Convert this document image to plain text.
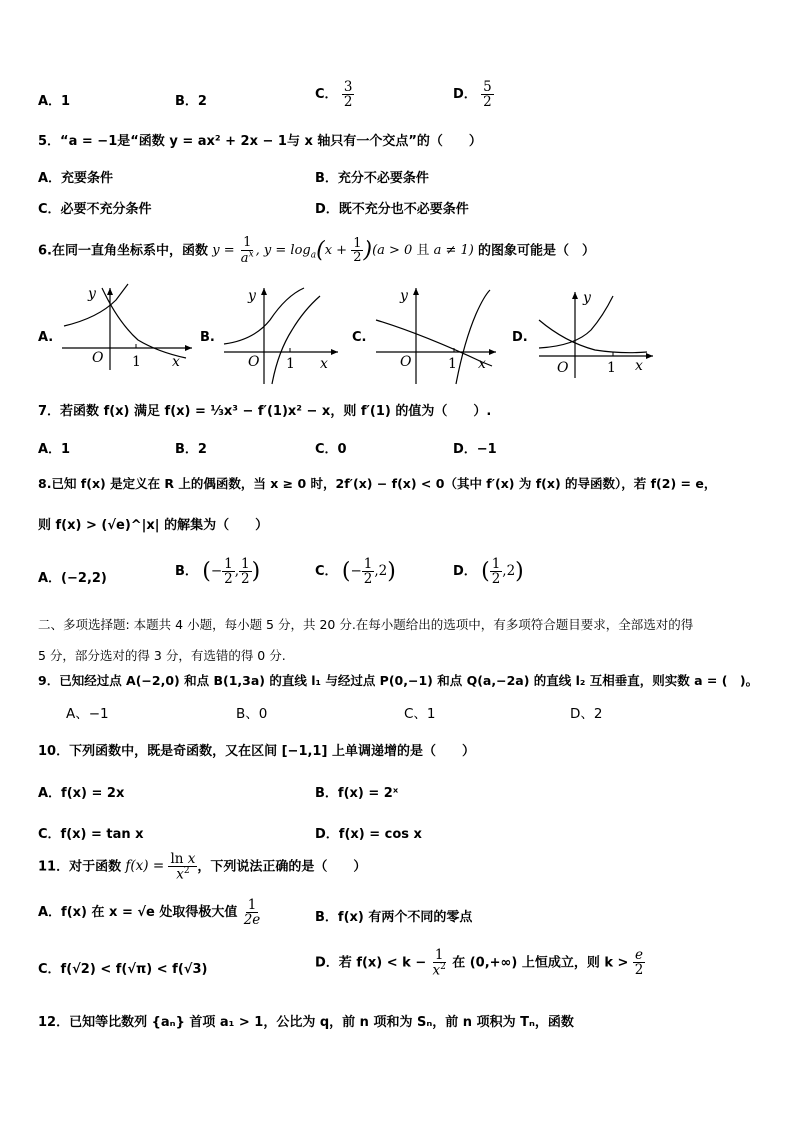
A．1	B．2	C． $\frac{3}{2}$	D． $\frac{5}{2}$
5．“a = −1是“函数 y = ax² + 2x − 1与 x 轴只有一个交点”的（　　）
A．充要条件	B．充分不必要条件
C．必要不充分条件	D．既不充分也不必要条件
6.在同一直角坐标系中，函数 $y = \frac{1}{a^x}$ , $y = \log_a(x + \frac{1}{2} )(a > 0$ 且 a ≠ 1) 的图象可能是（　）
A.
y
O 1 x
B.
y
O 1 x
C.
y
O	1 x
D.
y
O	1 x
7．若函数 f(x) 满足 f(x) = ⅓x³ − f′(1)x² − x，则 f′(1) 的值为（　　）.
A．1	B．2	C．0	D．−1
8.已知 f(x) 是定义在 R 上的偶函数，当 x ≥ 0 时，2f′(x) − f(x) < 0（其中 f′(x) 为 f(x) 的导函数），若 f(2) = e，
则 f(x) > (√e)^|x| 的解集为（　　）
A．(−2,2)	B． (− $\frac{1}{2}$ , $\frac{1}{2}$ )	C． (− $\frac{1}{2} ,2$)	D． ( $\frac{1}{2} ,2$)
二、多项选择题: 本题共 4 小题，每小题 5 分，共 20 分.在每小题给出的选项中，有多项符合题目要求，全部选对的得
5 分，部分选对的得 3 分，有选错的得 0 分.
9．已知经过点 A(−2,0) 和点 B(1,3a) 的直线 l₁ 与经过点 P(0,−1) 和点 Q(a,−2a) 的直线 l₂ 互相垂直，则实数 a = (　)。
A、−1	B、0	C、1	D、2
10．下列函数中，既是奇函数，又在区间 [−1,1] 上单调递增的是（　　）
A．f(x) = 2x	B．f(x) = 2ˣ
C．f(x) = tan x	D．f(x) = cos x
11．对于函数 $f(x) = \frac{\text{ln x}}{x^2}$ ，下列说法正确的是（　　）
A．f(x) 在 x = √e 处取得极大值 $\frac{1}{2e}$	B．f(x) 有两个不同的零点
C．f(√2) < f(√π) < f(√3)	D．若 $f(x) < k - \frac{1}{x^2}$ 在 (0,+∞) 上恒成立，则 $k > \frac{e}{2}$
12．已知等比数列 {aₙ} 首项 a₁ > 1，公比为 q，前 n 项和为 Sₙ，前 n 项积为 Tₙ，函数
